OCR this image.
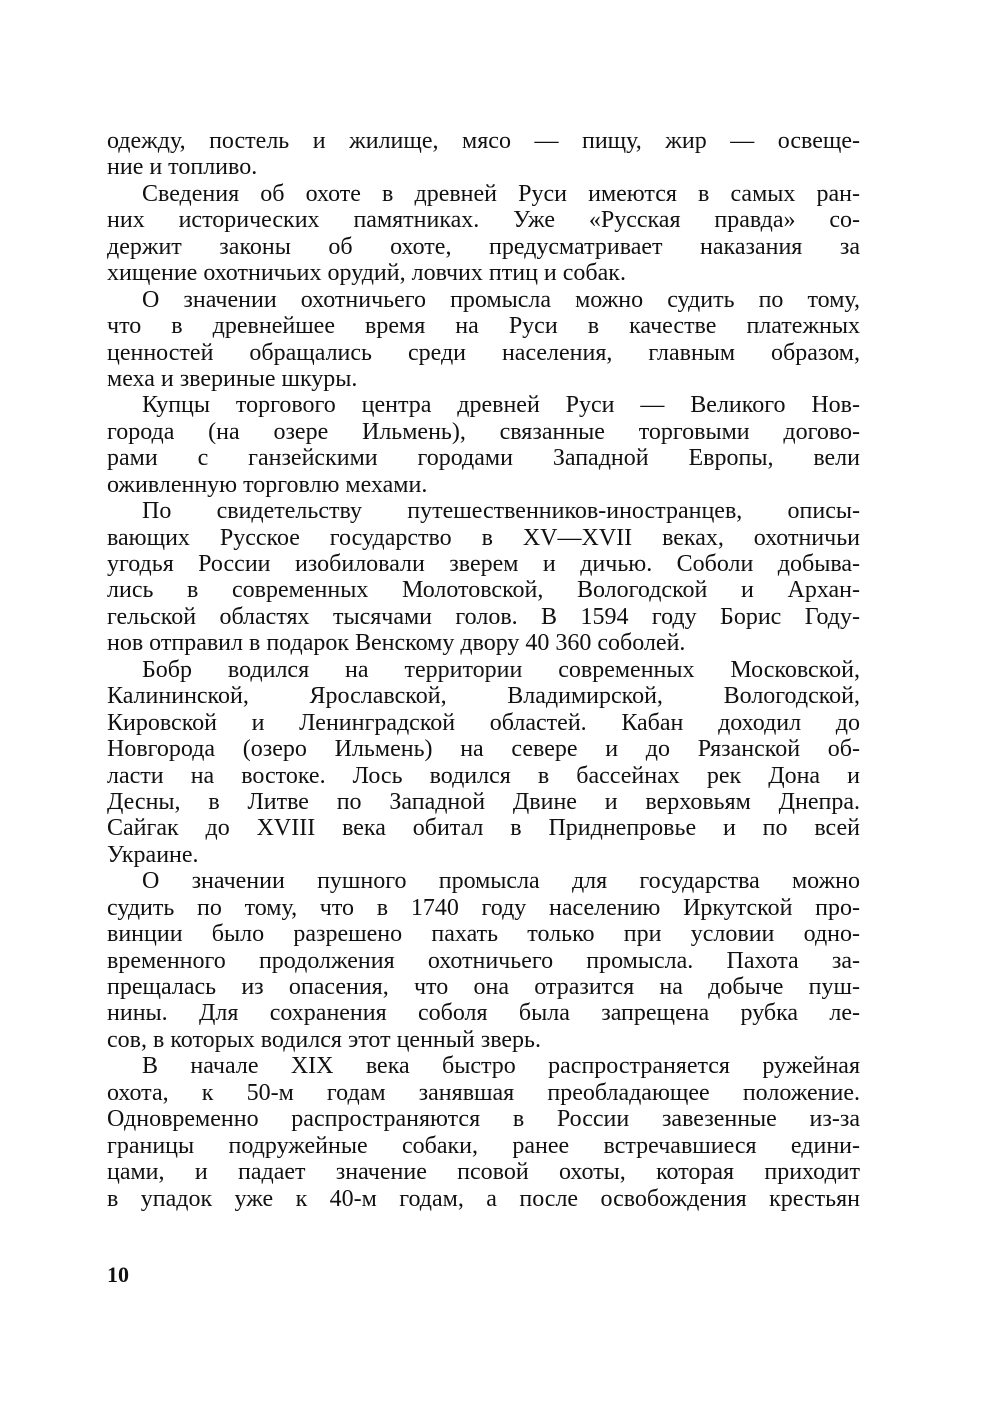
одежду, постель и жилище, мясо — пищу, жир — освеще-
ние и топливо.
Сведения об охоте в древней Руси имеются в самых ран-
них исторических памятниках. Уже «Русская правда» со-
держит законы об охоте, предусматривает наказания за
хищение охотничьих орудий, ловчих птиц и собак.
О значении охотничьего промысла можно судить по тому,
что в древнейшее время на Руси в качестве платежных
ценностей обращались среди населения, главным образом,
меха и звериные шкуры.
Купцы торгового центра древней Руси — Великого Нов-
города (на озере Ильмень), связанные торговыми догово-
рами с ганзейскими городами Западной Европы, вели
оживленную торговлю мехами.
По свидетельству путешественников-иностранцев, описы-
вающих Русское государство в XV—XVII веках, охотничьи
угодья России изобиловали зверем и дичью. Соболи добыва-
лись в современных Молотовской, Вологодской и Архан-
гельской областях тысячами голов. В 1594 году Борис Году-
нов отправил в подарок Венскому двору 40 360 соболей.
Бобр водился на территории современных Московской,
Калининской, Ярославской, Владимирской, Вологодской,
Кировской и Ленинградской областей. Кабан доходил до
Новгорода (озеро Ильмень) на севере и до Рязанской об-
ласти на востоке. Лось водился в бассейнах рек Дона и
Десны, в Литве по Западной Двине и верховьям Днепра.
Сайгак до XVIII века обитал в Приднепровье и по всей
Украине.
О значении пушного промысла для государства можно
судить по тому, что в 1740 году населению Иркутской про-
винции было разрешено пахать только при условии одно-
временного продолжения охотничьего промысла. Пахота за-
прещалась из опасения, что она отразится на добыче пуш-
нины. Для сохранения соболя была запрещена рубка ле-
сов, в которых водился этот ценный зверь.
В начале XIX века быстро распространяется ружейная
охота, к 50-м годам занявшая преобладающее положение.
Одновременно распространяются в России завезенные из-за
границы подружейные собаки, ранее встречавшиеся едини-
цами, и падает значение псовой охоты, которая приходит
в упадок уже к 40-м годам, а после освобождения крестьян
10
